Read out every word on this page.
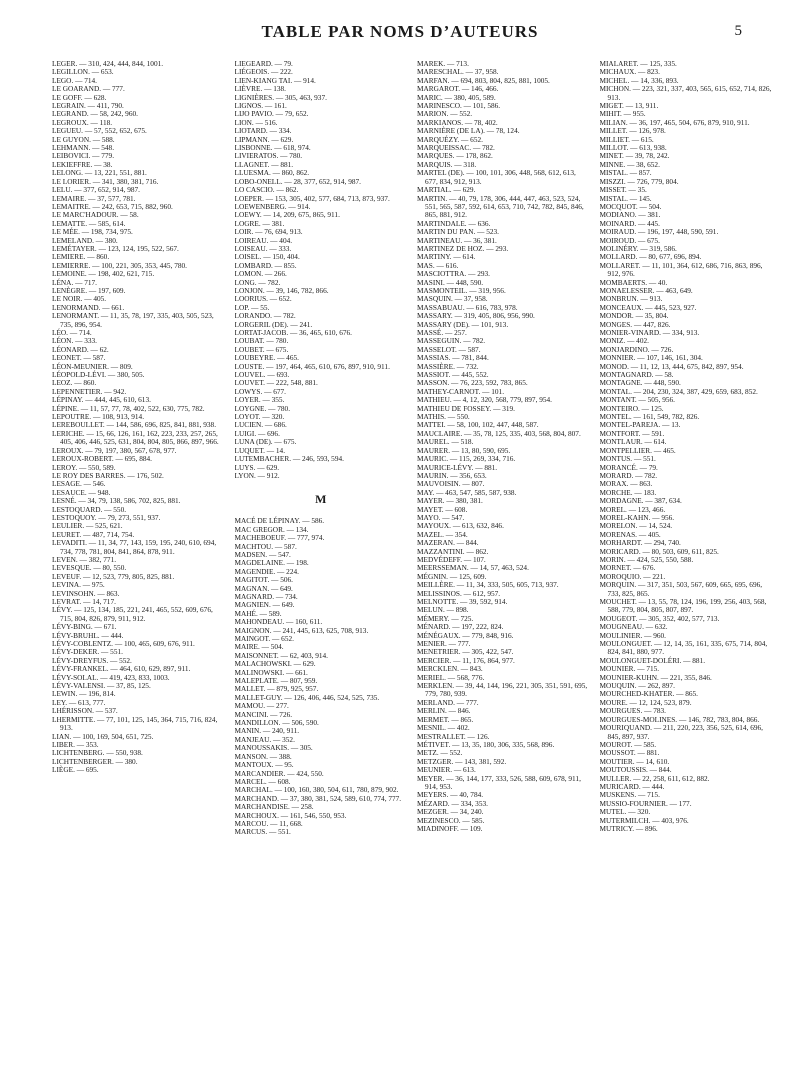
TABLE PAR NOMS D’AUTEURS	5
LEGER. — 310, 424, 444, 844, 1001.
LEGILLON. — 653.
LEGO. — 714.
LE GOARAND. — 777.
LE GOFF. — 628.
LEGRAIN. — 411, 790.
LEGRAND. — 58, 242, 960.
LEGROUX. — 118.
LEGUEU. — 57, 552, 652, 675.
LE GUYON. — 588.
LEHMANN. — 548.
LEIBOVICI. — 779.
LEKIEFFRE. — 38.
LELONG. — 13, 221, 551, 881.
LE LORIER. — 341, 380, 381, 716.
LELU. — 377, 652, 914, 987.
LEMAIRE. — 37, 577, 781.
LEMAITRE. — 242, 653, 715, 882, 960.
LE MARC'HADOUR. — 58.
LEMATTE. — 585, 614.
LE MÉE. — 198, 734, 975.
LEMELAND. — 380.
LEMÉTAYER. — 123, 124, 195, 522, 567.
LEMIERE. — 860.
LEMIERRE. — 100, 221, 305, 353, 445, 780.
LEMOINE. — 198, 402, 621, 715.
LÉNA. — 717.
LENÈGRE. — 197, 609.
LE NOIR. — 405.
LENORMAND. — 661.
LENORMANT. — 11, 35, 78, 197, 335, 403, 505, 523, 735, 896, 954.
LÉO. — 714.
LÉON. — 333.
LÉONARD. — 62.
LEONET. — 587.
LÉON-MEUNIER. — 809.
LÉOPOLD-LÉVI. — 380, 505.
LEOZ. — 860.
LEPENNETIER. — 942.
LÉPINAY. — 444, 445, 610, 613.
LÉPINE. — 11, 57, 77, 78, 402, 522, 630, 775, 782.
LEPOUTRE. — 108, 913, 914.
LEREBOULLET. — 144, 586, 696, 825, 841, 881, 938.
LERICHE. — 15, 66, 126, 161, 162, 223, 233, 257, 265, 405, 406, 446, 525, 631, 804, 804, 805, 866, 897, 966.
LEROUX. — 79, 197, 380, 567, 678, 977.
LEROUX-ROBERT. — 695, 884.
LEROY. — 550, 589.
LE ROY DES BARRES. — 176, 502.
LESAGE. — 546.
LESAUCE. — 948.
LESNÉ. — 34, 79, 138, 586, 702, 825, 881.
LESTOQUARD. — 550.
LESTOQUOY. — 79, 273, 551, 937.
LEULIER. — 525, 621.
LEURET. — 487, 714, 754.
LEVADITI. — 11, 34, 77, 143, 159, 195, 240, 610, 694, 734, 778, 781, 804, 841, 864, 878, 911.
LEVEN. — 382, 771.
LEVESQUE. — 80, 550.
LEVEUF. — 12, 523, 779, 805, 825, 881.
LEVINA. — 975.
LEVINSOHN. — 863.
LEVRAT. — 14, 717.
LÉVY. — 125, 134, 185, 221, 241, 465, 552, 609, 676, 715, 804, 826, 879, 911, 912.
LÉVY-BING. — 671.
LÉVY-BRUHL. — 444.
LÉVY-COBLENTZ. — 100, 465, 609, 676, 911.
LÉVY-DEKER. — 551.
LÉVY-DREYFUS. — 552.
LÉVY-FRANKEL. — 464, 610, 629, 897, 911.
LÉVY-SOLAL. — 419, 423, 833, 1003.
LÉVY-VALENSI. — 37, 85, 125.
LEWIN. — 196, 814.
LEY. — 613, 777.
LHÉRISSON. — 537.
LHERMITTE. — 77, 101, 125, 145, 364, 715, 716, 824, 913.
LIAN. — 100, 169, 504, 651, 725.
LIBER. — 353.
LICHTENBERG. — 550, 938.
LICHTENBERGER. — 380.
LIÈGE. — 695.
LIEGEARD. — 79.
LIÉGEOIS. — 222.
LIEN-KIANG TAI. — 914.
LIÈVRE. — 138.
LIGNIÈRES. — 305, 463, 937.
LIGNOS. — 161.
LIJO PAVIO. — 79, 652.
LION. — 516.
LIOTARD. — 334.
LIPMANN. — 629.
LISBONNE. — 618, 974.
LIVIERATOS. — 780.
LLAGNET. — 881.
LLUESMA. — 860, 862.
LOBO-ONELL. — 28, 377, 652, 914, 987.
LO CASCIO. — 862.
LOEPER. — 153, 305, 402, 577, 684, 713, 873, 937.
LOEWENBERG. — 914.
LOEWY. — 14, 209, 675, 865, 911.
LOGRE. — 381.
LOIR. — 76, 694, 913.
LOIREAU. — 404.
LOISEAU. — 333.
LOISEL. — 150, 404.
LOMBARD. — 855.
LOMON. — 266.
LONG. — 782.
LONJON. — 39, 146, 782, 866.
LOORIUS. — 652.
LOP. — 55.
LORANDO. — 782.
LORGERIL (DE). — 241.
LORTAT-JACOB. — 36, 465, 610, 676.
LOUBAT. — 780.
LOUBET. — 675.
LOUBEYRE. — 465.
LOUSTE. — 197, 464, 465, 610, 676, 897, 910, 911.
LOUVEL. — 693.
LOUVET. — 222, 548, 881.
LOWYS. — 677.
LOYER. — 355.
LOYGNE. — 780.
LOYOT. — 320.
LUCIEN. — 686.
LUIGI. — 696.
LUNA (DE). — 675.
LUQUET. — 14.
LUTEMBACHER. — 246, 593, 594.
LUYS. — 629.
LYON. — 912.
M
MACÉ DE LÉPINAY. — 586.
MAC GREGOR. — 134.
MACHEBOEUF. — 777, 974.
MACHTOU. — 587.
MADSEN. — 547.
MAGDELAINE. — 198.
MAGENDIE. — 224.
MAGITOT. — 506.
MAGNAN. — 649.
MAGNARD. — 734.
MAGNIEN. — 649.
MAHÉ. — 589.
MAHONDEAU. — 160, 611.
MAIGNON. — 241, 445, 613, 625, 708, 913.
MAINGOT. — 652.
MAIRE. — 504.
MAISONNET. — 62, 403, 914.
MALACHOWSKI. — 629.
MALINOWSKI. — 661.
MALEPLATE. — 807, 959.
MALLET. — 879, 925, 957.
MALLET-GUY. — 126, 406, 446, 524, 525, 735.
MAMOU. — 277.
MANCINI. — 726.
MANDILLON. — 506, 590.
MANIN. — 240, 911.
MANJEAU. — 352.
MANOUSSAKIS. — 305.
MANSON. — 388.
MANTOUX. — 95.
MARCANDIER. — 424, 550.
MARCEL. — 608.
MARCHAL. — 100, 160, 380, 504, 611, 780, 879, 902.
MARCHAND. — 37, 380, 381, 524, 589, 610, 774, 777.
MARCHANDISE. — 258.
MARCHOUX. — 161, 546, 550, 953.
MARCOU. — 11, 668.
MARCUS. — 551.
MAREK. — 713.
MARESCHAL. — 37, 958.
MARFAN. — 694, 803, 804, 825, 881, 1005.
MARGAROT. — 146, 466.
MARIC. — 380, 405, 589.
MARINESCO. — 101, 586.
MARION. — 552.
MARKIANOS. — 78, 402.
MARNIÈRE (DE LA). — 78, 124.
MARQUÉZY. — 652.
MARQUEISSAC. — 782.
MARQUES. — 178, 862.
MARQUIS. — 318.
MARTEL (DE). — 100, 101, 306, 448, 568, 612, 613, 677, 834, 912, 913.
MARTIAL. — 629.
MARTIN. — 40, 79, 178, 306, 444, 447, 463, 523, 524, 551, 565, 587, 592, 614, 653, 710, 742, 782, 845, 846, 865, 881, 912.
MARTINDALE. — 636.
MARTIN DU PAN. — 523.
MARTINEAU. — 36, 381.
MARTINEZ DE HOZ. — 293.
MARTINY. — 614.
MAS. — 616.
MASCIOTTRA. — 293.
MASINI. — 448, 590.
MASMONTEIL. — 319, 956.
MASQUIN. — 37, 958.
MASSABUAU. — 616, 783, 978.
MASSARY. — 319, 405, 806, 956, 990.
MASSARY (DE). — 101, 913.
MASSÉ. — 257.
MASSEGUIN. — 782.
MASSELOT. — 587.
MASSIAS. — 781, 844.
MASSIÈRE. — 732.
MASSIOT. — 445, 552.
MASSON. — 76, 223, 592, 783, 865.
MATHEY-CARNOT. — 101.
MATHIEU. — 4, 12, 320, 568, 779, 897, 954.
MATHIEU DE FOSSEY. — 319.
MATHIS. — 550.
MATTEI. — 58, 100, 102, 447, 448, 587.
MAUCLAIRE. — 35, 78, 125, 335, 403, 568, 804, 807.
MAUREL. — 518.
MAURER. — 13, 80, 590, 695.
MAURIC. — 115, 269, 334, 716.
MAURICE-LÉVY. — 881.
MAURIN. — 356, 653.
MAUVOISIN. — 807.
MAY. — 463, 547, 585, 587, 938.
MAYER. — 380, 381.
MAYET. — 608.
MAYO. — 547.
MAYOUX. — 613, 632, 846.
MAZEL. — 354.
MAZERAN. — 844.
MAZZANTINI. — 862.
MEDVÉDEFF. — 107.
MEERSSEMAN. — 14, 57, 463, 524.
MÉGNIN. — 125, 609.
MEILLÈRE. — 11, 34, 333, 505, 605, 713, 937.
MELISSINOS. — 612, 957.
MELNOTTE. — 39, 592, 914.
MELUN. — 898.
MÉMERY. — 725.
MÉNARD. — 197, 222, 824.
MÉNÉGAUX. — 779, 848, 916.
MENIER. — 777.
MENETRIER. — 305, 422, 547.
MERCIER. — 11, 176, 864, 977.
MERCKLEN. — 843.
MERIEL. — 568, 776.
MERKLEN. — 39, 44, 144, 196, 221, 305, 351, 591, 695, 779, 780, 939.
MERLAND. — 777.
MERLIN. — 846.
MERMET. — 865.
MESNIL. — 402.
MESTRALLET. — 126.
MÉTIVET. — 13, 35, 180, 306, 335, 568, 896.
METZ. — 552.
METZGER. — 143, 381, 592.
MEUNIER. — 613.
MEYER. — 36, 144, 177, 333, 526, 588, 609, 678, 911, 914, 953.
MEYERS. — 40, 784.
MÉZARD. — 334, 353.
MEZGER. — 34, 240.
MEZINESCO. — 585.
MIADINOFF. — 109.
MIALARET. — 125, 335.
MICHAUX. — 823.
MICHEL. — 14, 336, 893.
MICHON. — 223, 321, 337, 403, 565, 615, 652, 714, 826, 913.
MIGET. — 13, 911.
MIHIT. — 955.
MILIAN. — 36, 197, 465, 504, 676, 879, 910, 911.
MILLET. — 126, 978.
MILLIET. — 615.
MILLOT. — 613, 938.
MINET. — 39, 78, 242.
MINNE. — 38, 652.
MISTAL. — 857.
MISZZI. — 726, 779, 804.
MISSET. — 35.
MISTAL. — 145.
MOCQUOT. — 504.
MODIANO. — 381.
MOINARD. — 445.
MOIRAUD. — 196, 197, 448, 590, 591.
MOIROUD. — 675.
MOLINÉRY. — 319, 586.
MOLLARD. — 80, 677, 696, 894.
MOLLARET. — 11, 101, 364, 612, 686, 716, 863, 896, 912, 976.
MOMBAERTS. — 40.
MONAELESSER. — 463, 649.
MONBRUN. — 913.
MONCEAUX. — 445, 523, 927.
MONDOR. — 35, 804.
MONGES. — 447, 826.
MONIER-VINARD. — 334, 913.
MONIZ. — 402.
MONJARDINO. — 726.
MONNIER. — 107, 146, 161, 304.
MONOD. — 11, 12, 13, 444, 675, 842, 897, 954.
MONTAGNARD. — 58.
MONTAGNE. — 448, 590.
MONTAL. — 204, 230, 324, 387, 429, 659, 683, 852.
MONTANT. — 505, 956.
MONTEIRO. — 125.
MONTEL. — 161, 549, 782, 826.
MONTEL-PAREJA. — 13.
MONTFORT. — 591.
MONTLAUR. — 614.
MONTPELLIER. — 465.
MONTUS. — 551.
MORANCÉ. — 79.
MORARD. — 782.
MORAX. — 863.
MORCHE. — 183.
MORDAGNE. — 387, 634.
MOREL. — 123, 466.
MOREL-KAHN. — 956.
MORELON. — 14, 524.
MORENAS. — 405.
MORHARDT. — 294, 740.
MORICARD. — 80, 503, 609, 611, 825.
MORIN. — 424, 525, 550, 588.
MORNET. — 676.
MOROQUIO. — 221.
MORQUIN. — 317, 351, 503, 567, 609, 665, 695, 696, 733, 825, 865.
MOUCHET. — 13, 55, 78, 124, 196, 199, 256, 403, 568, 588, 779, 804, 805, 807, 897.
MOUGEOT. — 305, 352, 402, 577, 713.
MOUGNEAU. — 632.
MOULINIER. — 960.
MOULONGUET. — 12, 14, 35, 161, 335, 675, 714, 804, 824, 841, 880, 977.
MOULONGUET-DOLÉRI. — 881.
MOUNIER. — 715.
MOUNIER-KUHN. — 221, 355, 846.
MOUQUIN. — 262, 897.
MOURCHED-KHATER. — 865.
MOURE. — 12, 124, 523, 879.
MOURGUES. — 783.
MOURGUES-MOLINES. — 146, 782, 783, 804, 866.
MOURIQUAND. — 211, 220, 223, 356, 525, 614, 696, 845, 897, 937.
MOUROT. — 585.
MOUSSOT. — 881.
MOUTIER. — 14, 610.
MOUTOUSSIS. — 844.
MULLER. — 22, 258, 611, 612, 882.
MURICARD. — 444.
MUSKENS. — 715.
MUSSIO-FOURNIER. — 177.
MUTEL. — 320.
MUTERMILCH. — 403, 976.
MUTRICY. — 896.
